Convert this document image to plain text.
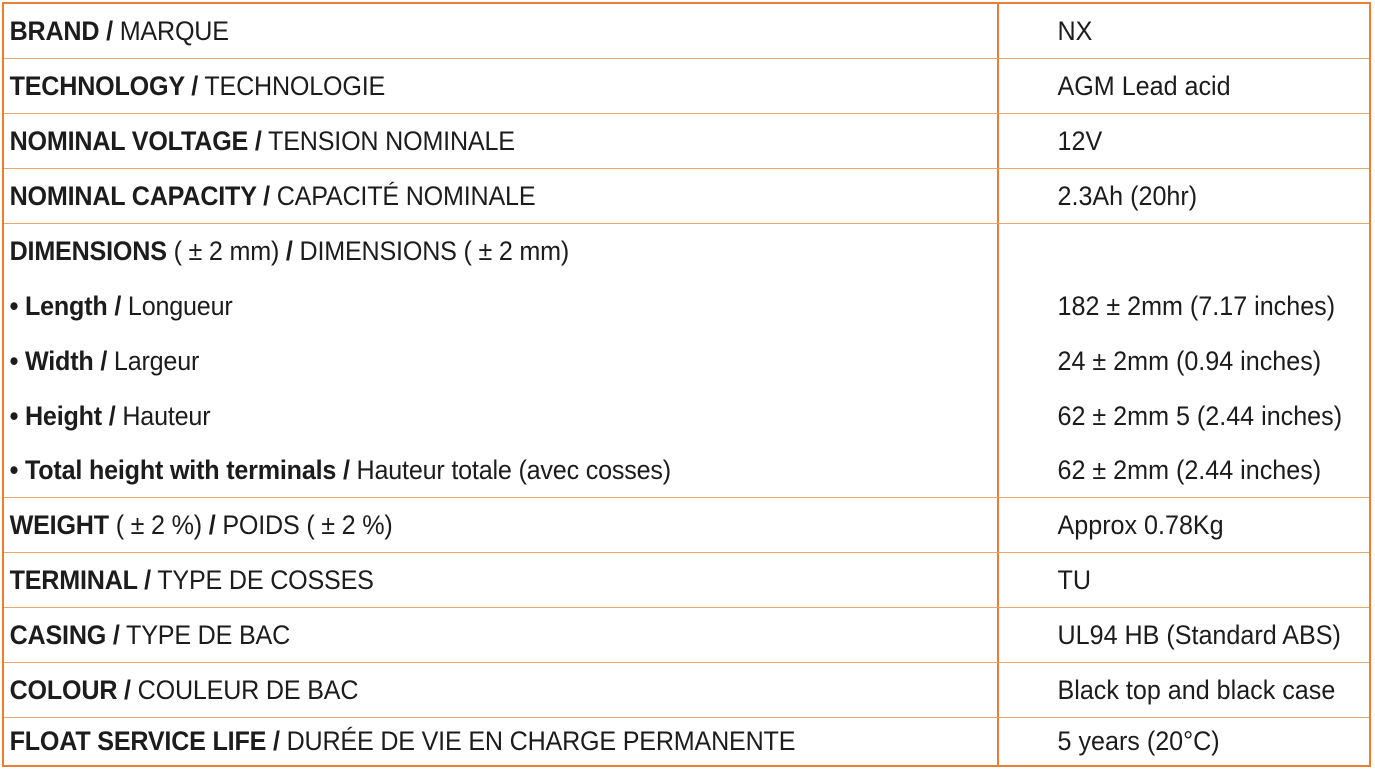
BRAND / MARQUE	NX
TECHNOLOGY / TECHNOLOGIE	AGM Lead acid
NOMINAL VOLTAGE / TENSION NOMINALE	12V
NOMINAL CAPACITY / CAPACITÉ NOMINALE	2.3Ah (20hr)
DIMENSIONS ( ± 2 mm) / DIMENSIONS ( ± 2 mm)
• Length / Longueur	182 ± 2mm (7.17 inches)
• Width / Largeur	24 ± 2mm (0.94 inches)
• Height / Hauteur	62 ± 2mm 5 (2.44 inches)
• Total height with terminals / Hauteur totale (avec cosses)	62 ± 2mm (2.44 inches)
WEIGHT ( ± 2 %) / POIDS ( ± 2 %)	Approx 0.78Kg
TERMINAL / TYPE DE COSSES	TU
CASING / TYPE DE BAC	UL94 HB (Standard ABS)
COLOUR / COULEUR DE BAC	Black top and black case
FLOAT SERVICE LIFE / DURÉE DE VIE EN CHARGE PERMANENTE	5 years (20°C)
